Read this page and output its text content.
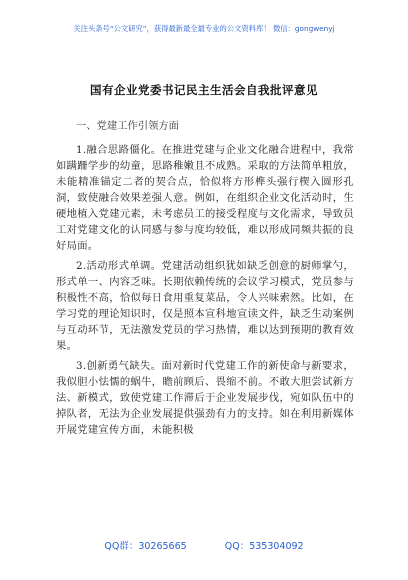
关注头条号“公文研究”，获得最新最全最专业的公文资料库！ 微信：gongwenyj
国有企业党委书记民主生活会自我批评意见

一、党建工作引领方面

1.融合思路僵化。在推进党建与企业文化融合进程中，我常如蹒跚学步的幼童，思路稚嫩且不成熟。采取的方法简单粗放，未能精准锚定二者的契合点，恰似将方形榫头强行楔入圆形孔洞，致使融合效果差强人意。例如，在组织企业文化活动时，生硬地植入党建元素，未考虑员工的接受程度与文化需求，导致员工对党建文化的认同感与参与度均较低，难以形成同频共振的良好局面。

2.活动形式单调。党建活动组织犹如缺乏创意的厨师掌勺，形式单一、内容乏味。长期依赖传统的会议学习模式，党员参与积极性不高，恰似每日食用重复菜品，令人兴味索然。比如，在学习党的理论知识时，仅是照本宣科地宣读文件，缺乏生动案例与互动环节，无法激发党员的学习热情，难以达到预期的教育效果。

3.创新勇气缺失。面对新时代党建工作的新使命与新要求，我似胆小怯懦的蜗牛，瞻前顾后、畏缩不前。不敢大胆尝试新方法、新模式，致使党建工作滞后于企业发展步伐，宛如队伍中的掉队者，无法为企业发展提供强劲有力的支持。如在利用新媒体开展党建宣传方面，未能积极

QQ群：30265665	QQ：535304092
